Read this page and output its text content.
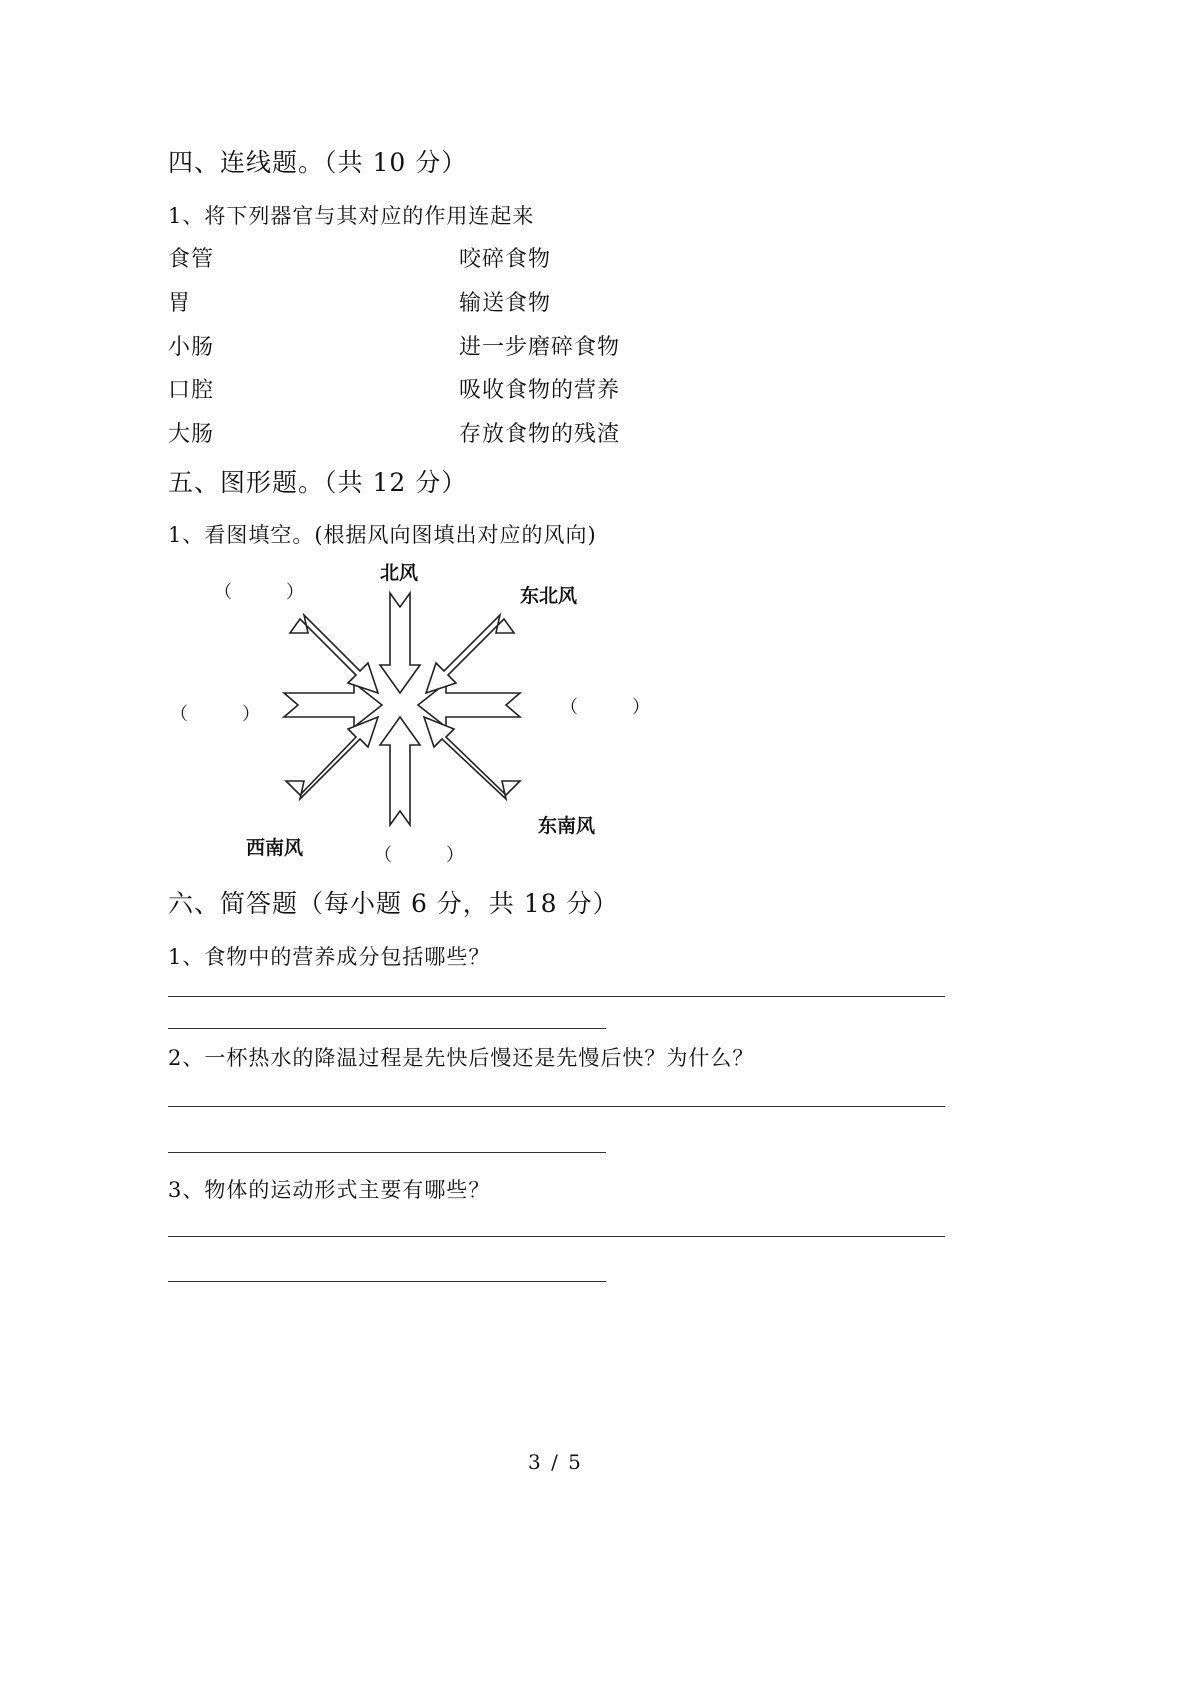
四、连线题。（共 10 分）
1、将下列器官与其对应的作用连起来
食管
胃
小肠
口腔
大肠
咬碎食物
输送食物
进一步磨碎食物
吸收食物的营养
存放食物的残渣
五、图形题。（共 12 分）
1、看图填空。(根据风向图填出对应的风向)
北风
东北风
东南风
西南风
（　　　）
（　　　）	（　　　）
（　　　）
六、简答题（每小题 6 分，共 18 分）
1、食物中的营养成分包括哪些？
2、一杯热水的降温过程是先快后慢还是先慢后快？为什么？
3、物体的运动形式主要有哪些？
3 / 5
